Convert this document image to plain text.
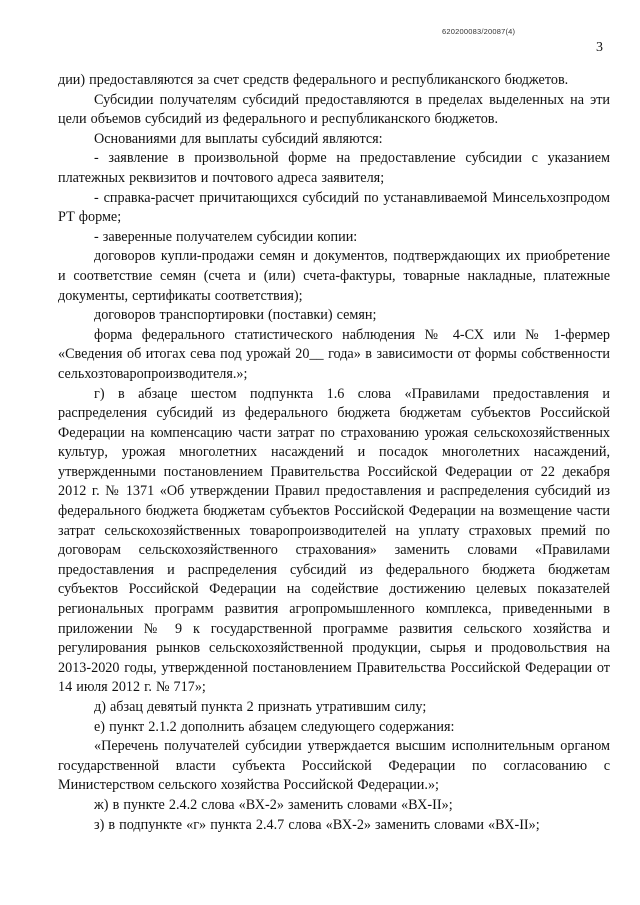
620200083/20087(4)
3

дии) предоставляются за счет средств федерального и республиканского бюджетов.

Субсидии получателям субсидий предоставляются в пределах выделенных на эти цели объемов субсидий из федерального и республиканского бюджетов.

Основаниями для выплаты субсидий являются:

- заявление в произвольной форме на предоставление субсидии с указанием платежных реквизитов и почтового адреса заявителя;

- справка-расчет причитающихся субсидий по устанавливаемой Минсельхозпродом РТ форме;

- заверенные получателем субсидии копии:

договоров купли-продажи семян и документов, подтверждающих их приобретение и соответствие семян (счета и (или) счета-фактуры, товарные накладные, платежные документы, сертификаты соответствия);

договоров транспортировки (поставки) семян;

форма федерального статистического наблюдения № 4-СХ или № 1-фермер «Сведения об итогах сева под урожай 20__ года» в зависимости от формы собственности сельхозтоваропроизводителя.»;

г) в абзаце шестом подпункта 1.6 слова «Правилами предоставления и распределения субсидий из федерального бюджета бюджетам субъектов Российской Федерации на компенсацию части затрат по страхованию урожая сельскохозяйственных культур, урожая многолетних насаждений и посадок многолетних насаждений, утвержденными постановлением Правительства Российской Федерации от 22 декабря 2012 г. № 1371 «Об утверждении Правил предоставления и распределения субсидий из федерального бюджета бюджетам субъектов Российской Федерации на возмещение части затрат сельскохозяйственных товаропроизводителей на уплату страховых премий по договорам сельскохозяйственного страхования» заменить словами «Правилами предоставления и распределения субсидий из федерального бюджета бюджетам субъектов Российской Федерации на содействие достижению целевых показателей региональных программ развития агропромышленного комплекса, приведенными в приложении № 9 к государственной программе развития сельского хозяйства и регулирования рынков сельскохозяйственной продукции, сырья и продовольствия на 2013-2020 годы, утвержденной постановлением Правительства Российской Федерации от 14 июля 2012 г. № 717»;

д) абзац девятый пункта 2 признать утратившим силу;

е) пункт 2.1.2 дополнить абзацем следующего содержания:

«Перечень получателей субсидии утверждается высшим исполнительным органом государственной власти субъекта Российской Федерации по согласованию с Министерством сельского хозяйства Российской Федерации.»;

ж) в пункте 2.4.2 слова «ВХ-2» заменить словами «ВХ-II»;

з) в подпункте «г» пункта 2.4.7 слова «ВХ-2» заменить словами «ВХ-II»;
